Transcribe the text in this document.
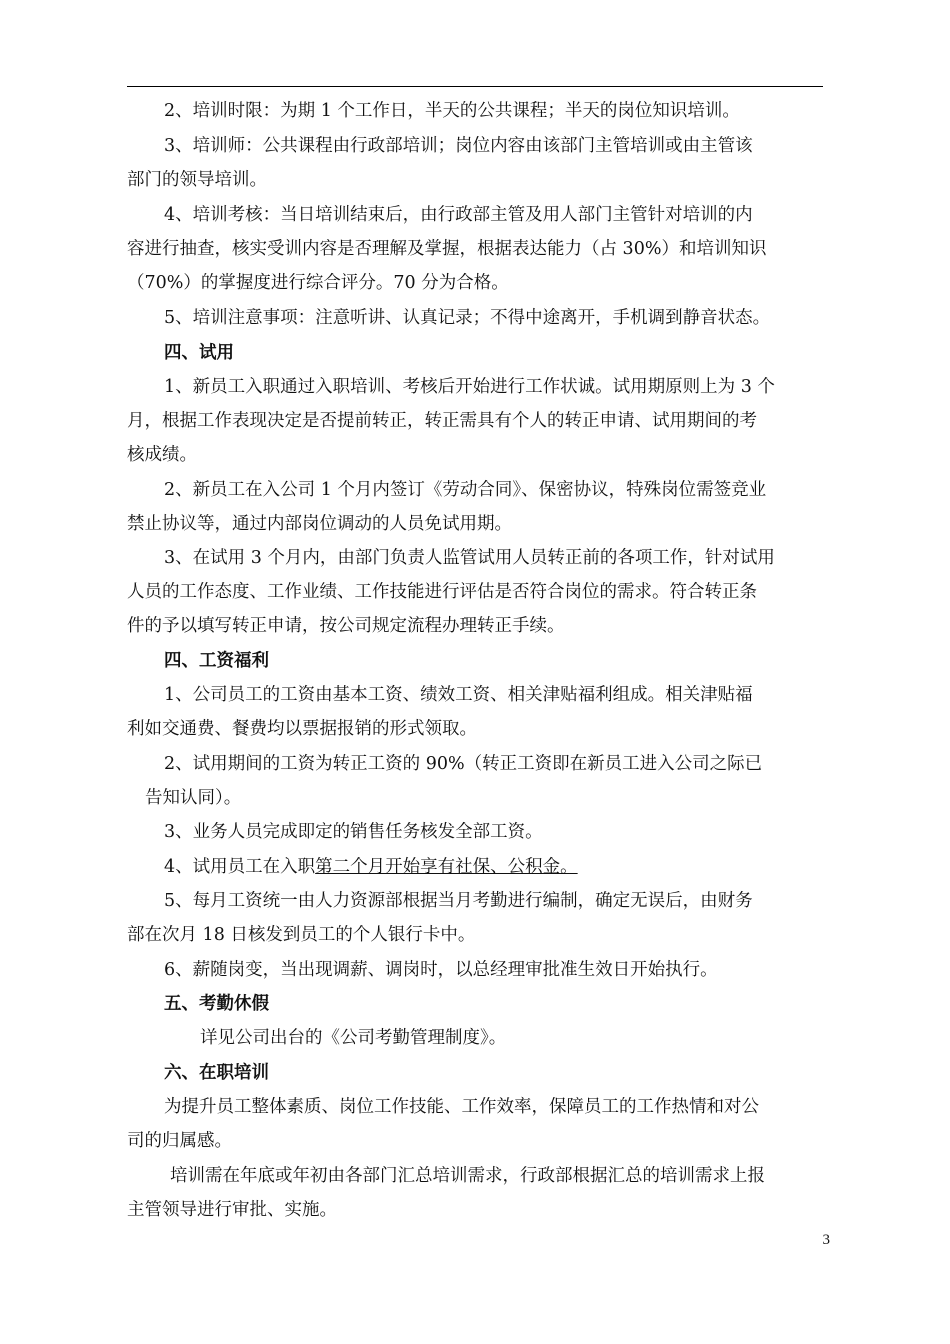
2、培训时限：为期 1 个工作日，半天的公共课程；半天的岗位知识培训。
3、培训师：公共课程由行政部培训；岗位内容由该部门主管培训或由主管该
部门的领导培训。
4、培训考核：当日培训结束后，由行政部主管及用人部门主管针对培训的内
容进行抽查，核实受训内容是否理解及掌握，根据表达能力（占 30%）和培训知识
（70%）的掌握度进行综合评分。70 分为合格。
5、培训注意事项：注意听讲、认真记录；不得中途离开，手机调到静音状态。
四、试用
1、新员工入职通过入职培训、考核后开始进行工作状诚。试用期原则上为 3 个
月，根据工作表现决定是否提前转正，转正需具有个人的转正申请、试用期间的考
核成绩。
2、新员工在入公司 1 个月内签订《劳动合同》、保密协议，特殊岗位需签竞业
禁止协议等，通过内部岗位调动的人员免试用期。
3、在试用 3 个月内，由部门负责人监管试用人员转正前的各项工作，针对试用
人员的工作态度、工作业绩、工作技能进行评估是否符合岗位的需求。符合转正条
件的予以填写转正申请，按公司规定流程办理转正手续。
四、工资福利
1、公司员工的工资由基本工资、绩效工资、相关津贴福利组成。相关津贴福
利如交通费、餐费均以票据报销的形式领取。
2、试用期间的工资为转正工资的 90%（转正工资即在新员工进入公司之际已
告知认同）。
3、业务人员完成即定的销售任务核发全部工资。
4、试用员工在入职第二个月开始享有社保、公积金。
5、每月工资统一由人力资源部根据当月考勤进行编制，确定无误后，由财务
部在次月 18 日核发到员工的个人银行卡中。
6、薪随岗变，当出现调薪、调岗时，以总经理审批准生效日开始执行。
五、考勤休假
详见公司出台的《公司考勤管理制度》。
六、在职培训
为提升员工整体素质、岗位工作技能、工作效率，保障员工的工作热情和对公
司的归属感。
培训需在年底或年初由各部门汇总培训需求，行政部根据汇总的培训需求上报
主管领导进行审批、实施。
3
